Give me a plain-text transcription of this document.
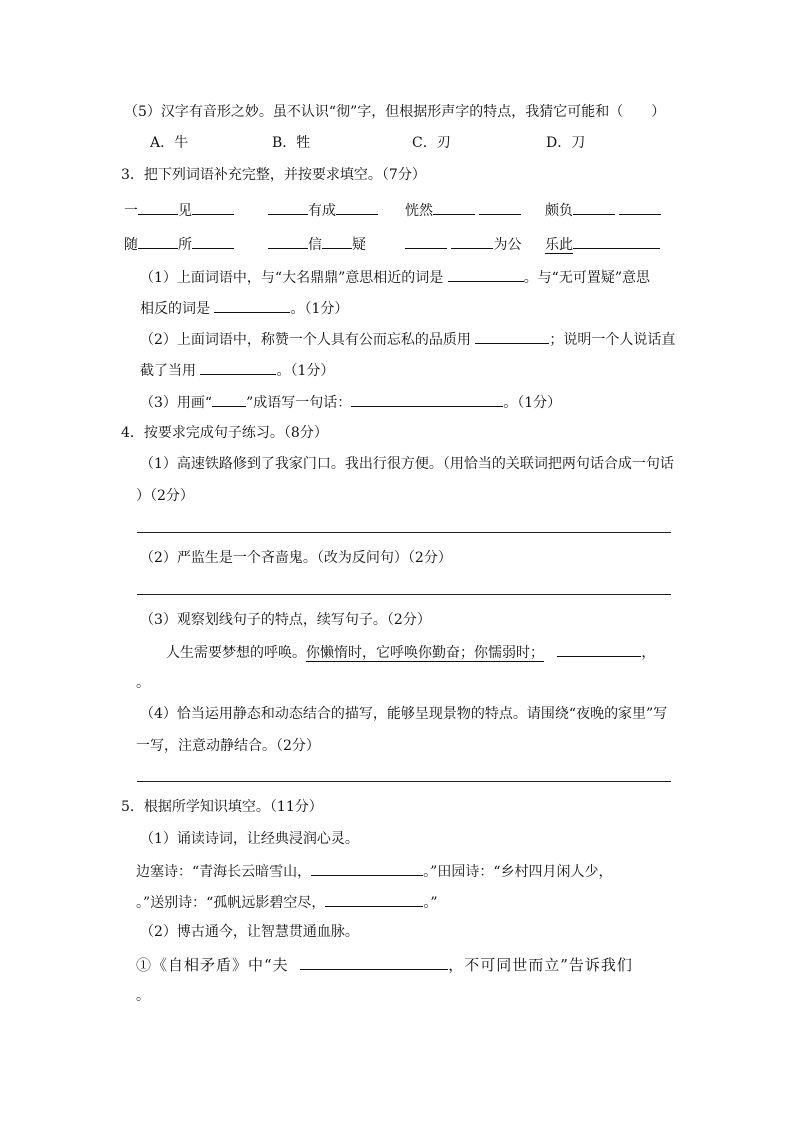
（5）汉字有音形之妙。虽不认识“彻”字，但根据形声字的特点，我猜它可能和（　　）
A．牛	B．牲	C．刃	D．刀
3．把下列词语补充完整，并按要求填空。（7分）
一	见	有成	恍然	颇负
随	所	信 疑	为公 乐此
（1）上面词语中，与“大名鼎鼎”意思相近的词是	。与“无可置疑”意思
相反的词是	。（1分）
（2）上面词语中，称赞一个人具有公而忘私的品质用	；说明一个人说话直
截了当用	。（1分）
（3）用画“ ”成语写一句话：	。（1分）
4．按要求完成句子练习。（8分）
（1）高速铁路修到了我家门口。我出行很方便。（用恰当的关联词把两句话合成一句话
）（2分）
（2）严监生是一个吝啬鬼。（改为反问句）（2分）
（3）观察划线句子的特点，续写句子。（2分）
人生需要梦想的呼唤。你懒惰时，它呼唤你勤奋；你懦弱时；	，
。
（4）恰当运用静态和动态结合的描写，能够呈现景物的特点。请围绕“夜晚的家里”写
一写，注意动静结合。（2分）
5．根据所学知识填空。（11分）
（1）诵读诗词，让经典浸润心灵。
边塞诗：“青海长云暗雪山，	。”田园诗：“乡村四月闲人少，
。”送别诗：“孤帆远影碧空尽，	。”
（2）博古通今，让智慧贯通血脉。
①《自相矛盾》中“夫	，不可同世而立”告诉我们
。
